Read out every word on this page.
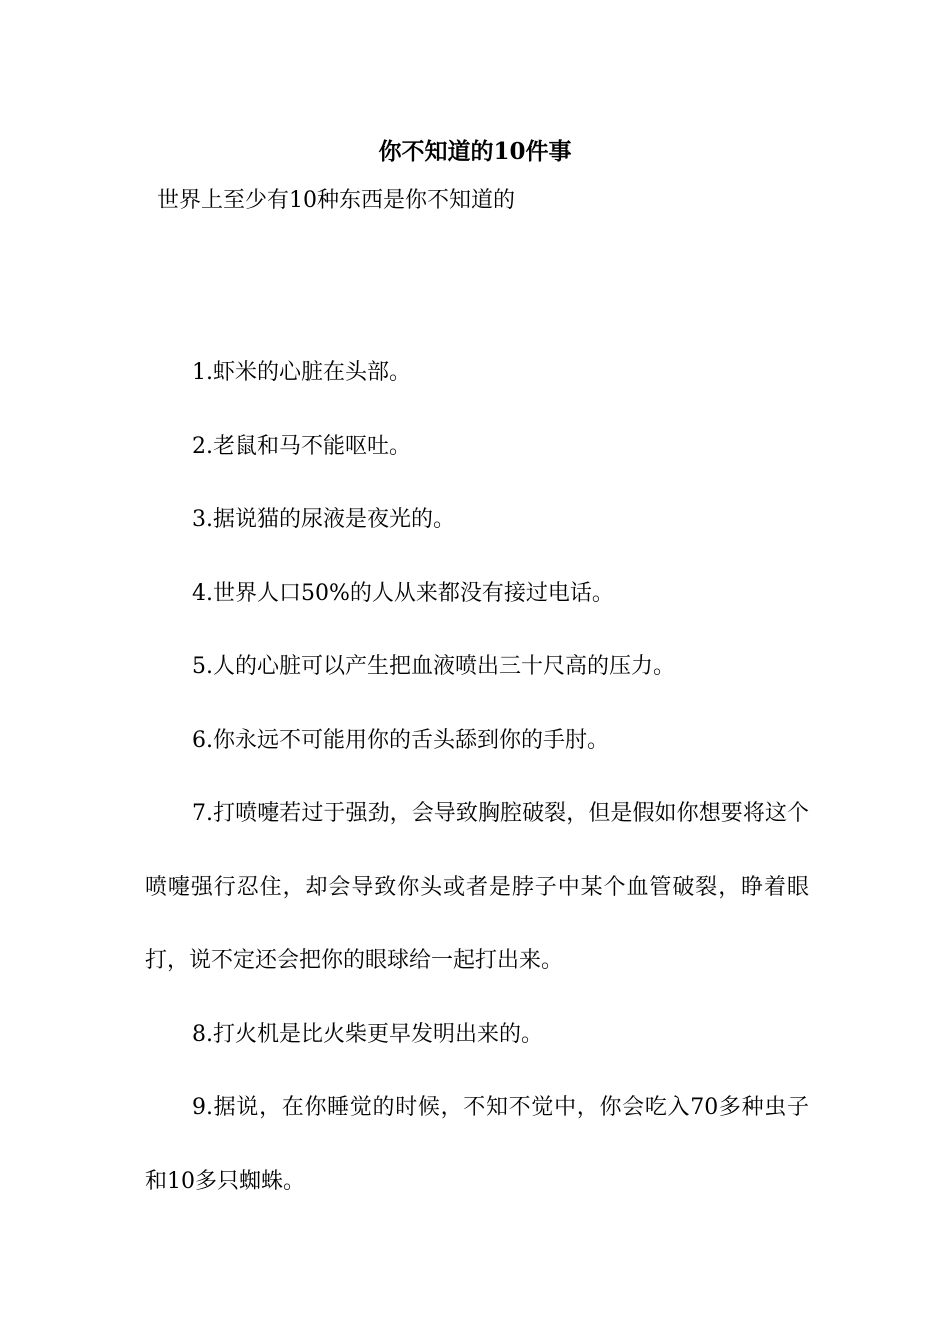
你不知道的10件事
世界上至少有10种东西是你不知道的

1.虾米的心脏在头部。

2.老鼠和马不能呕吐。

3.据说猫的尿液是夜光的。

4.世界人口50%的人从来都没有接过电话。

5.人的心脏可以产生把血液喷出三十尺高的压力。

6.你永远不可能用你的舌头舔到你的手肘。

7.打喷嚏若过于强劲，会导致胸腔破裂，但是假如你想要将这个喷嚏强行忍住，却会导致你头或者是脖子中某个血管破裂，睁着眼打，说不定还会把你的眼球给一起打出来。

8.打火机是比火柴更早发明出来的。

9.据说，在你睡觉的时候，不知不觉中，你会吃入70多种虫子和10多只蜘蛛。
